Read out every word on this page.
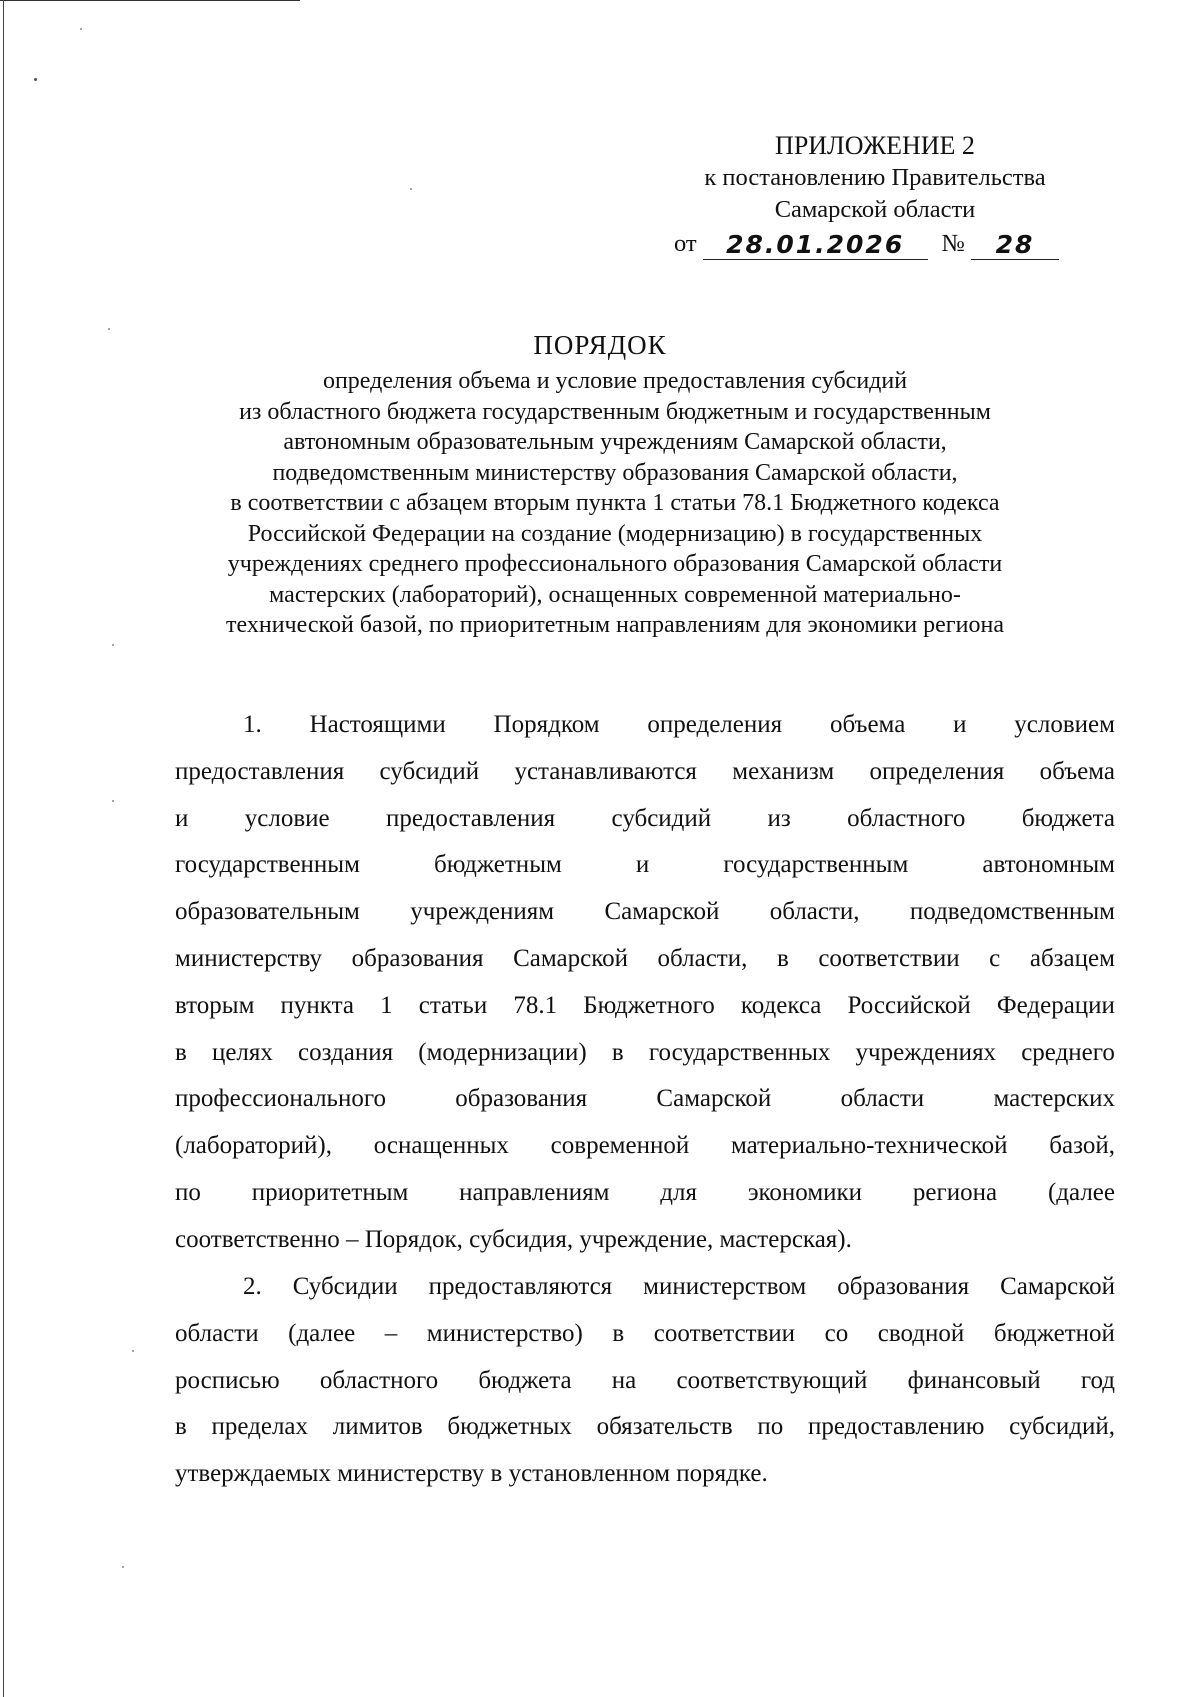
ПРИЛОЖЕНИЕ 2
к постановлению Правительства
Самарской области
от	28.01.2026	№	28
ПОРЯДОК
определения объема и условие предоставления субсидий
из областного бюджета государственным бюджетным и государственным
автономным образовательным учреждениям Самарской области,
подведомственным министерству образования Самарской области,
в соответствии с абзацем вторым пункта 1 статьи 78.1 Бюджетного кодекса
Российской Федерации на создание (модернизацию) в государственных
учреждениях среднего профессионального образования Самарской области
мастерских (лабораторий), оснащенных современной материально-
технической базой, по приоритетным направлениям для экономики региона

1. Настоящими Порядком определения объема и условием
предоставления субсидий устанавливаются механизм определения объема
и условие предоставления субсидий из областного бюджета
государственным	бюджетным	и	государственным	автономным
образовательным учреждениям Самарской области, подведомственным
министерству образования Самарской области, в соответствии с абзацем
вторым пункта 1 статьи 78.1 Бюджетного кодекса Российской Федерации
в целях создания (модернизации) в государственных учреждениях среднего
профессионального	образования	Самарской	области	мастерских
(лабораторий), оснащенных современной материально-технической базой,
по приоритетным направлениям для экономики региона (далее
соответственно – Порядок, субсидия, учреждение, мастерская).

2. Субсидии предоставляются министерством образования Самарской
области (далее – министерство) в соответствии со сводной бюджетной
росписью областного бюджета на соответствующий финансовый год
в пределах лимитов бюджетных обязательств по предоставлению субсидий,
утверждаемых министерству в установленном порядке.
